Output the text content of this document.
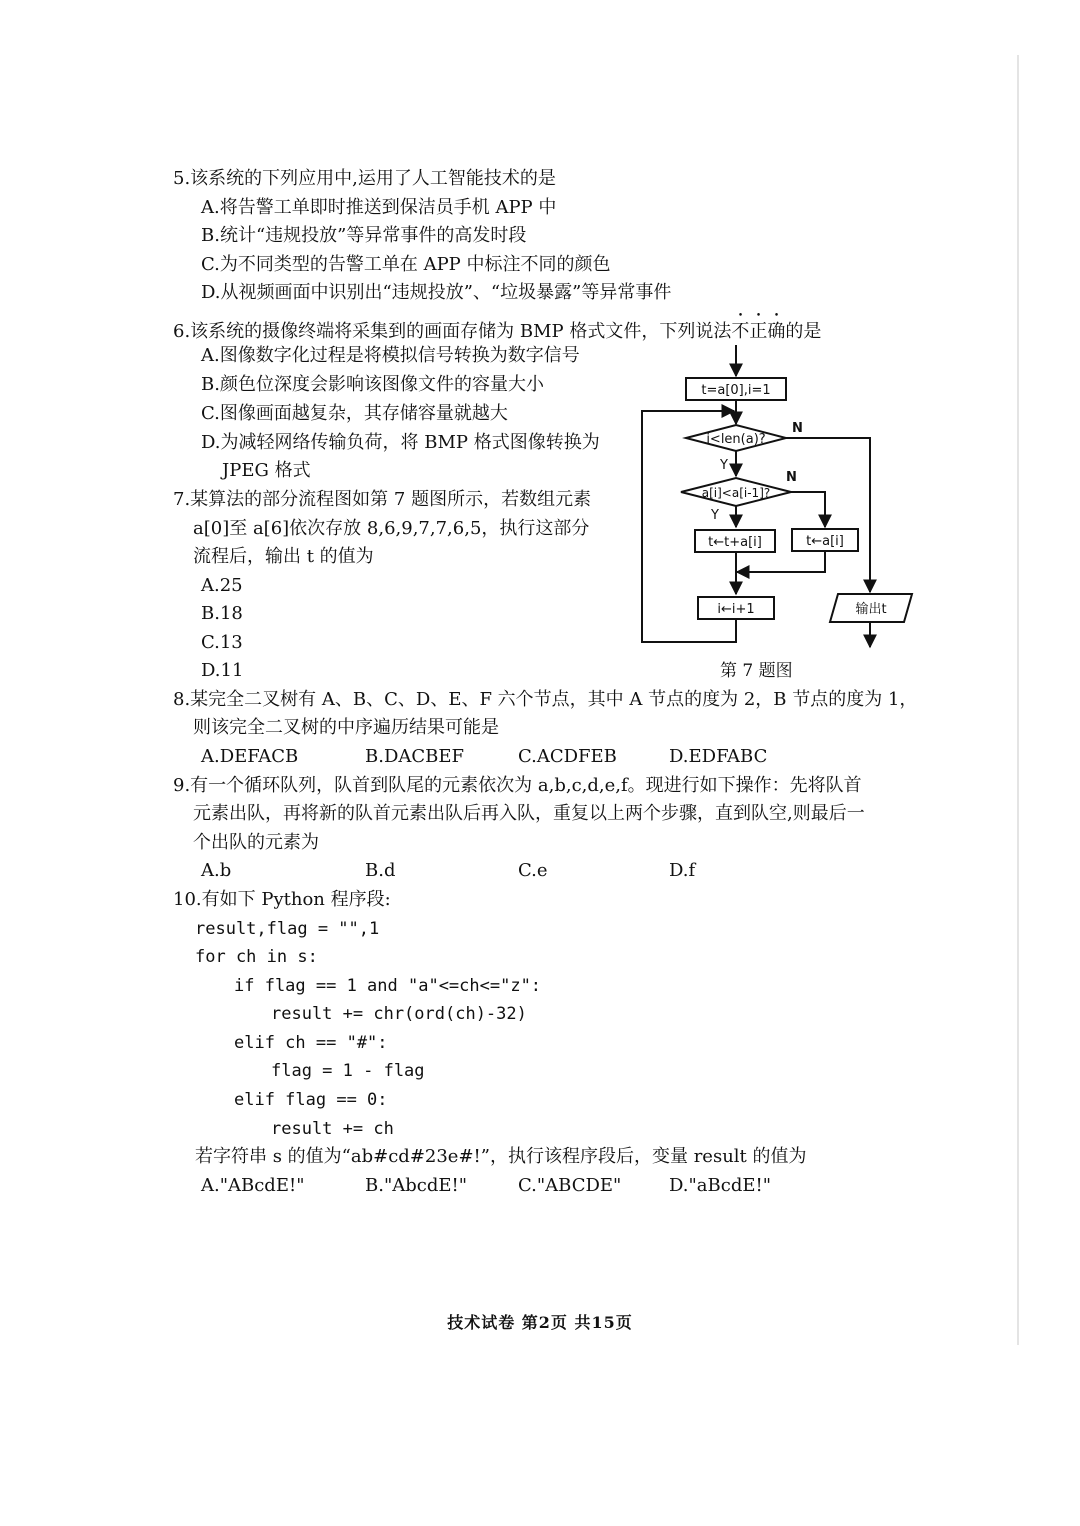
5.该系统的下列应用中,运用了人工智能技术的是
A.将告警工单即时推送到保洁员手机 APP 中
B.统计“违规投放”等异常事件的高发时段
C.为不同类型的告警工单在 APP 中标注不同的颜色
D.从视频画面中识别出“违规投放”、“垃圾暴露”等异常事件
6.该系统的摄像终端将采集到的画面存储为 BMP 格式文件，下列说法不正确的是
A.图像数字化过程是将模拟信号转换为数字信号
B.颜色位深度会影响该图像文件的容量大小
C.图像画面越复杂，其存储容量就越大
D.为减轻网络传输负荷，将 BMP 格式图像转换为
JPEG 格式
7.某算法的部分流程图如第 7 题图所示，若数组元素
a[0]至 a[6]依次存放 8,6,9,7,7,6,5，执行这部分
流程后，输出 t 的值为
A.25
B.18
C.13
D.11
t=a[0],i=1
i<len(a)?
a[i]<a[i-1]?
t←t+a[i]	t←a[i]
i←i+1	输出t
N
Y
N
Y
第 7 题图
8.某完全二叉树有 A、B、C、D、E、F 六个节点，其中 A 节点的度为 2，B 节点的度为 1，
则该完全二叉树的中序遍历结果可能是
A.DEFACB	B.DACBEF	C.ACDFEB	D.EDFABC
9.有一个循环队列，队首到队尾的元素依次为 a,b,c,d,e,f。现进行如下操作：先将队首
元素出队，再将新的队首元素出队后再入队，重复以上两个步骤，直到队空,则最后一
个出队的元素为
A.b	B.d	C.e	D.f
10.有如下 Python 程序段:
result,flag = "",1
for ch in s:
if flag == 1 and "a"<=ch<="z":
result += chr(ord(ch)-32)
elif ch == "#":
flag = 1 - flag
elif flag == 0:
result += ch
若字符串 s 的值为“ab#cd#23e#!”，执行该程序段后，变量 result 的值为
A."ABcdE!"	B."AbcdE!"	C."ABCDE"	D."aBcdE!"
技术试卷 第2页 共15页
